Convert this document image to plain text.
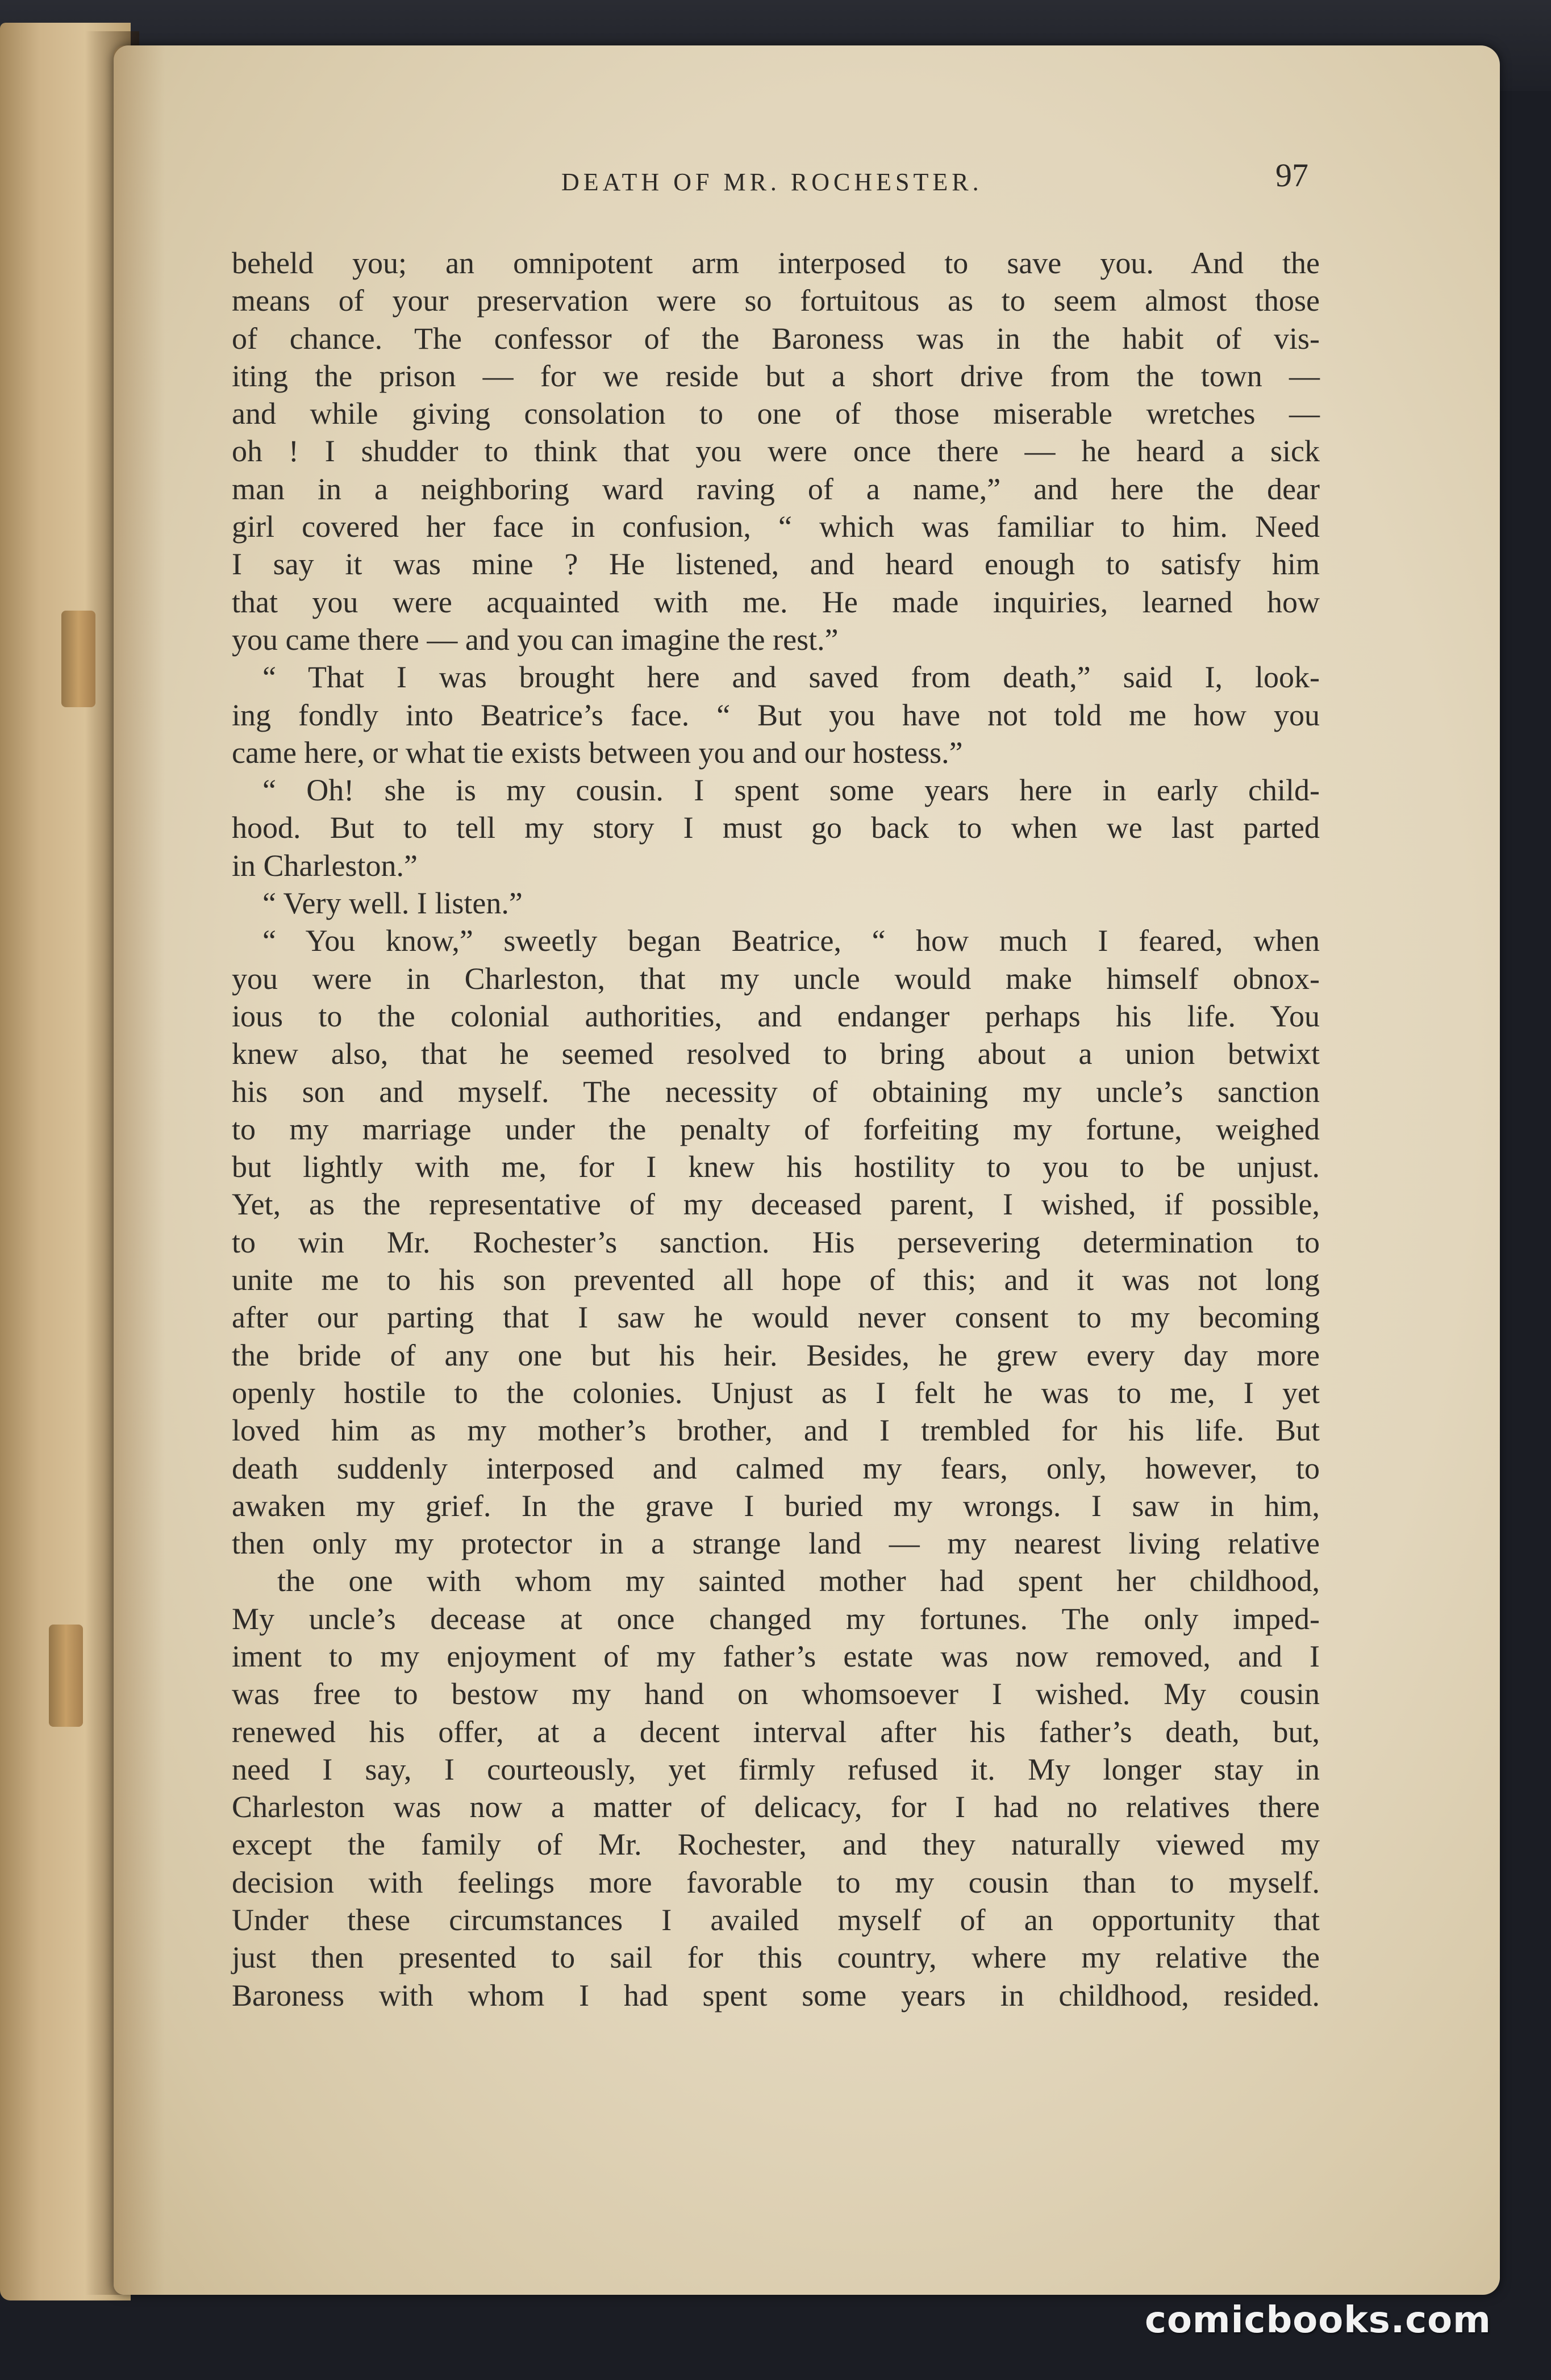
DEATH OF MR. ROCHESTER.	97

beheld you; an omnipotent arm interposed to save you. And the
means of your preservation were so fortuitous as to seem almost those
of chance. The confessor of the Baroness was in the habit of vis-
iting the prison — for we reside but a short drive from the town —
and while giving consolation to one of those miserable wretches —
oh ! I shudder to think that you were once there — he heard a sick
man in a neighboring ward raving of a name,” and here the dear
girl covered her face in confusion, “ which was familiar to him. Need
I say it was mine ? He listened, and heard enough to satisfy him
that you were acquainted with me. He made inquiries, learned how
you came there — and you can imagine the rest.”
“ That I was brought here and saved from death,” said I, look-
ing fondly into Beatrice’s face. “ But you have not told me how you
came here, or what tie exists between you and our hostess.”
“ Oh! she is my cousin. I spent some years here in early child-
hood. But to tell my story I must go back to when we last parted
in Charleston.”
“ Very well. I listen.”
“ You know,” sweetly began Beatrice, “ how much I feared, when
you were in Charleston, that my uncle would make himself obnox-
ious to the colonial authorities, and endanger perhaps his life. You
knew also, that he seemed resolved to bring about a union betwixt
his son and myself. The necessity of obtaining my uncle’s sanction
to my marriage under the penalty of forfeiting my fortune, weighed
but lightly with me, for I knew his hostility to you to be unjust.
Yet, as the representative of my deceased parent, I wished, if possible,
to win Mr. Rochester’s sanction. His persevering determination to
unite me to his son prevented all hope of this; and it was not long
after our parting that I saw he would never consent to my becoming
the bride of any one but his heir. Besides, he grew every day more
openly hostile to the colonies. Unjust as I felt he was to me, I yet
loved him as my mother’s brother, and I trembled for his life. But
death suddenly interposed and calmed my fears, only, however, to
awaken my grief. In the grave I buried my wrongs. I saw in him,
then only my protector in a strange land — my nearest living relative
the one with whom my sainted mother had spent her childhood,
My uncle’s decease at once changed my fortunes. The only imped-
iment to my enjoyment of my father’s estate was now removed, and I
was free to bestow my hand on whomsoever I wished. My cousin
renewed his offer, at a decent interval after his father’s death, but,
need I say, I courteously, yet firmly refused it. My longer stay in
Charleston was now a matter of delicacy, for I had no relatives there
except the family of Mr. Rochester, and they naturally viewed my
decision with feelings more favorable to my cousin than to myself.
Under these circumstances I availed myself of an opportunity that
just then presented to sail for this country, where my relative the
Baroness with whom I had spent some years in childhood, resided.
comicbooks.com
